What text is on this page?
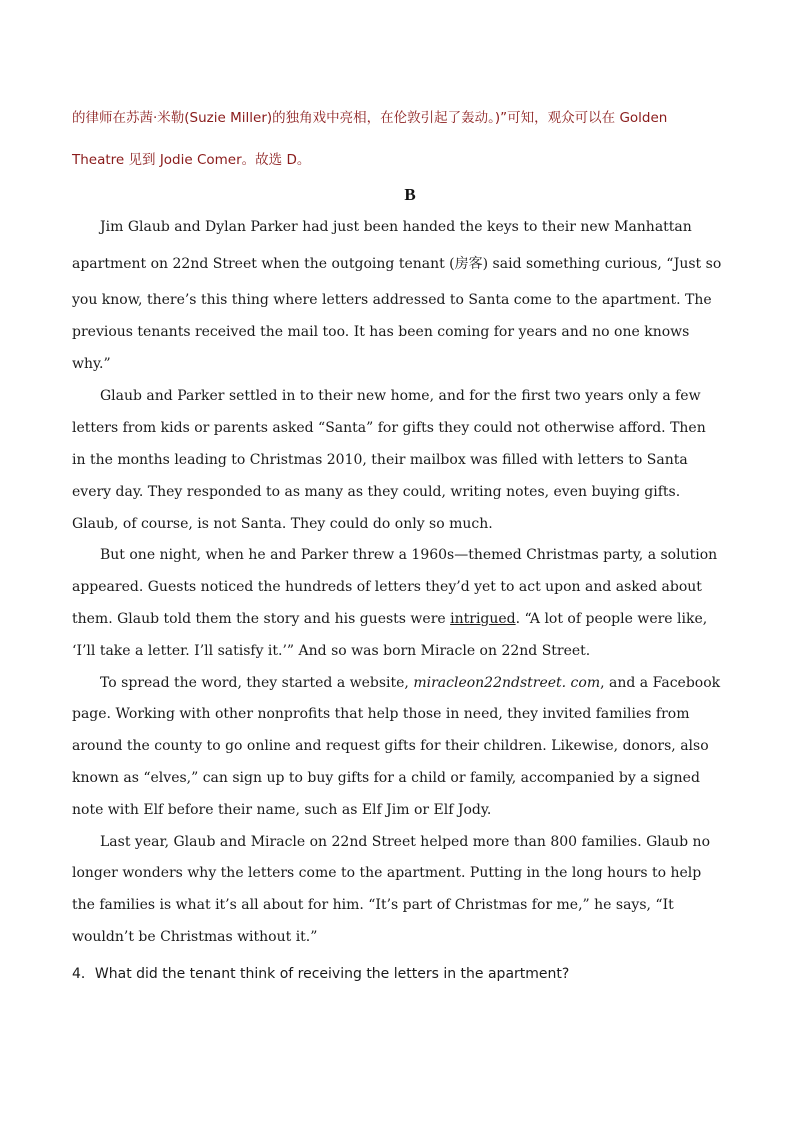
的律师在苏茜·米勒(Suzie Miller)的独角戏中亮相，在伦敦引起了轰动。)”可知，观众可以在 Golden
Theatre 见到 Jodie Comer。故选 D。
B
Jim Glaub and Dylan Parker had just been handed the keys to their new Manhattan
apartment on 22nd Street when the outgoing tenant (房客) said something curious, “Just so
you know, there’s this thing where letters addressed to Santa come to the apartment. The
previous tenants received the mail too. It has been coming for years and no one knows
why.”
Glaub and Parker settled in to their new home, and for the first two years only a few
letters from kids or parents asked “Santa” for gifts they could not otherwise afford. Then
in the months leading to Christmas 2010, their mailbox was filled with letters to Santa
every day. They responded to as many as they could, writing notes, even buying gifts.
Glaub, of course, is not Santa. They could do only so much.
But one night, when he and Parker threw a 1960s—themed Christmas party, a solution
appeared. Guests noticed the hundreds of letters they’d yet to act upon and asked about
them. Glaub told them the story and his guests were intrigued. “A lot of people were like,
‘I’ll take a letter. I’ll satisfy it.’” And so was born Miracle on 22nd Street.
To spread the word, they started a website, miracleon22ndstreet. com, and a Facebook
page. Working with other nonprofits that help those in need, they invited families from
around the county to go online and request gifts for their children. Likewise, donors, also
known as “elves,” can sign up to buy gifts for a child or family, accompanied by a signed
note with Elf before their name, such as Elf Jim or Elf Jody.
Last year, Glaub and Miracle on 22nd Street helped more than 800 families. Glaub no
longer wonders why the letters come to the apartment. Putting in the long hours to help
the families is what it’s all about for him. “It’s part of Christmas for me,” he says, “It
wouldn’t be Christmas without it.”
4．What did the tenant think of receiving the letters in the apartment?
